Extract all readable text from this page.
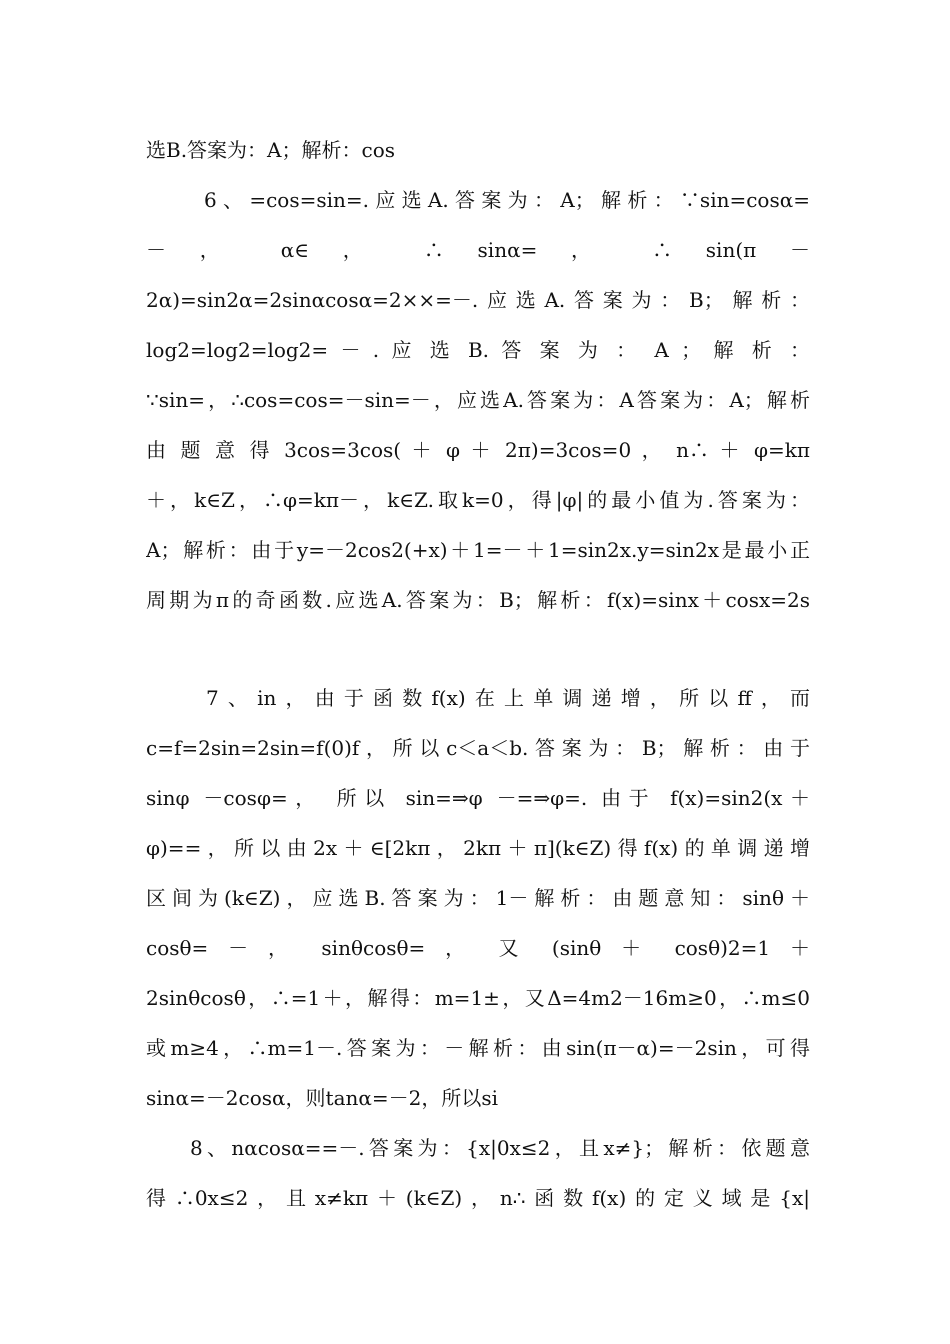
选B.答案为：A；解析：cos
6、=cos=sin=.应选A.答案为：A；解析：∵sin=cosα=
－ ， α∈ ， ∴ sinα= ， ∴ sin(π －
2α)=sin2α=2sinαcosα=2××=－.应选A.答案为：B；解析：
log2=log2=log2= － . 应 选 B. 答 案 为 ： A ； 解 析 ：
∵sin=，∴cos=cos=－sin=－，应选A.答案为：A答案为：A；解析
由 题 意 得 3cos=3cos( ＋ φ ＋ 2π)=3cos=0 ， n∴ ＋ φ=kπ
＋，k∈Z，∴φ=kπ－，k∈Z.取k=0，得|φ|的最小值为.答案为：
A；解析：由于y=－2cos2(+x)＋1=－＋1=sin2x.y=sin2x是最小正
周期为π的奇函数.应选A.答案为：B；解析：f(x)=sinx＋cosx=2s
7、in，由于函数f(x)在上单调递增，所以ff，而
c=f=2sin=2sin=f(0)f，所以c＜a＜b.答案为：B；解析：由于
sinφ －cosφ=， 所以 sin=⇒φ －=⇒φ=. 由于 f(x)=sin2(x＋
φ)==，所以由2x＋∈[2kπ，2kπ＋π](k∈Z)得f(x)的单调递增
区间为(k∈Z)，应选B.答案为：1－解析：由题意知：sinθ＋
cosθ= － ， sinθcosθ= ， 又 (sinθ ＋ cosθ)2=1 ＋
2sinθcosθ，∴=1＋，解得：m=1±，又Δ=4m2－16m≥0，∴m≤0
或m≥4，∴m=1－.答案为：－解析：由sin(π－α)=－2sin，可得
sinα=－2cosα，则tanα=－2，所以si
8、nαcosα==－.答案为：{x|0x≤2，且x≠}；解析：依题意
得∴0x≤2，且x≠kπ＋(k∈Z)，n∴函数f(x)的定义域是{x|
